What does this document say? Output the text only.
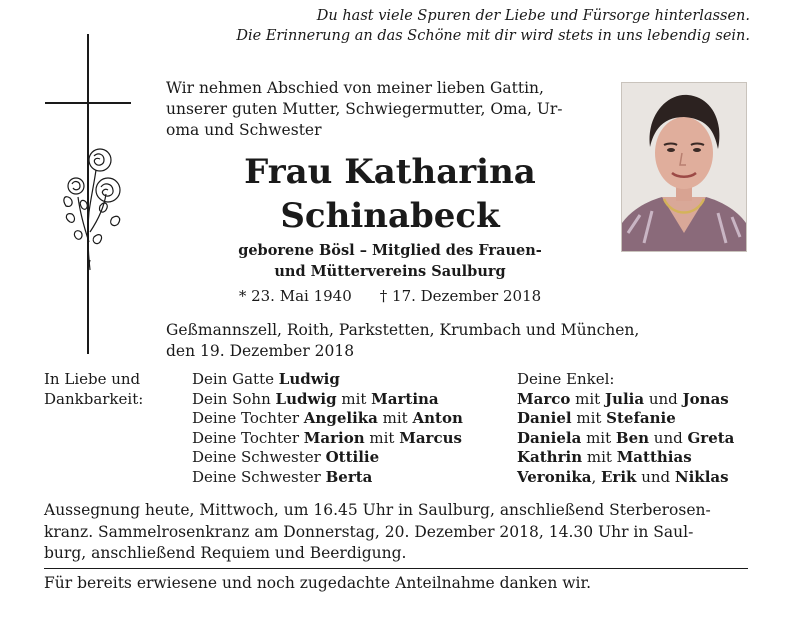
Du hast viele Spuren der Liebe und Fürsorge hinterlassen.
Die Erinnerung an das Schöne mit dir wird stets in uns lebendig sein.
Wir nehmen Abschied von meiner lieben Gattin,
unserer guten Mutter, Schwiegermutter, Oma, Ur-
oma und Schwester
Frau Katharina
Schinabeck
geborene Bösl – Mitglied des Frauen-
und Müttervereins Saulburg
* 23. Mai 1940 † 17. Dezember 2018
Geßmannszell, Roith, Parkstetten, Krumbach und München,
den 19. Dezember 2018
In Liebe und
Dankbarkeit:
Dein Gatte Ludwig
Dein Sohn Ludwig mit Martina
Deine Tochter Angelika mit Anton
Deine Tochter Marion mit Marcus
Deine Schwester Ottilie
Deine Schwester Berta
Deine Enkel:
Marco mit Julia und Jonas
Daniel mit Stefanie
Daniela mit Ben und Greta
Kathrin mit Matthias
Veronika, Erik und Niklas
Aussegnung heute, Mittwoch, um 16.45 Uhr in Saulburg, anschließend Sterberosen-
kranz. Sammelrosenkranz am Donnerstag, 20. Dezember 2018, 14.30 Uhr in Saul-
burg, anschließend Requiem und Beerdigung.
Für bereits erwiesene und noch zugedachte Anteilnahme danken wir.
